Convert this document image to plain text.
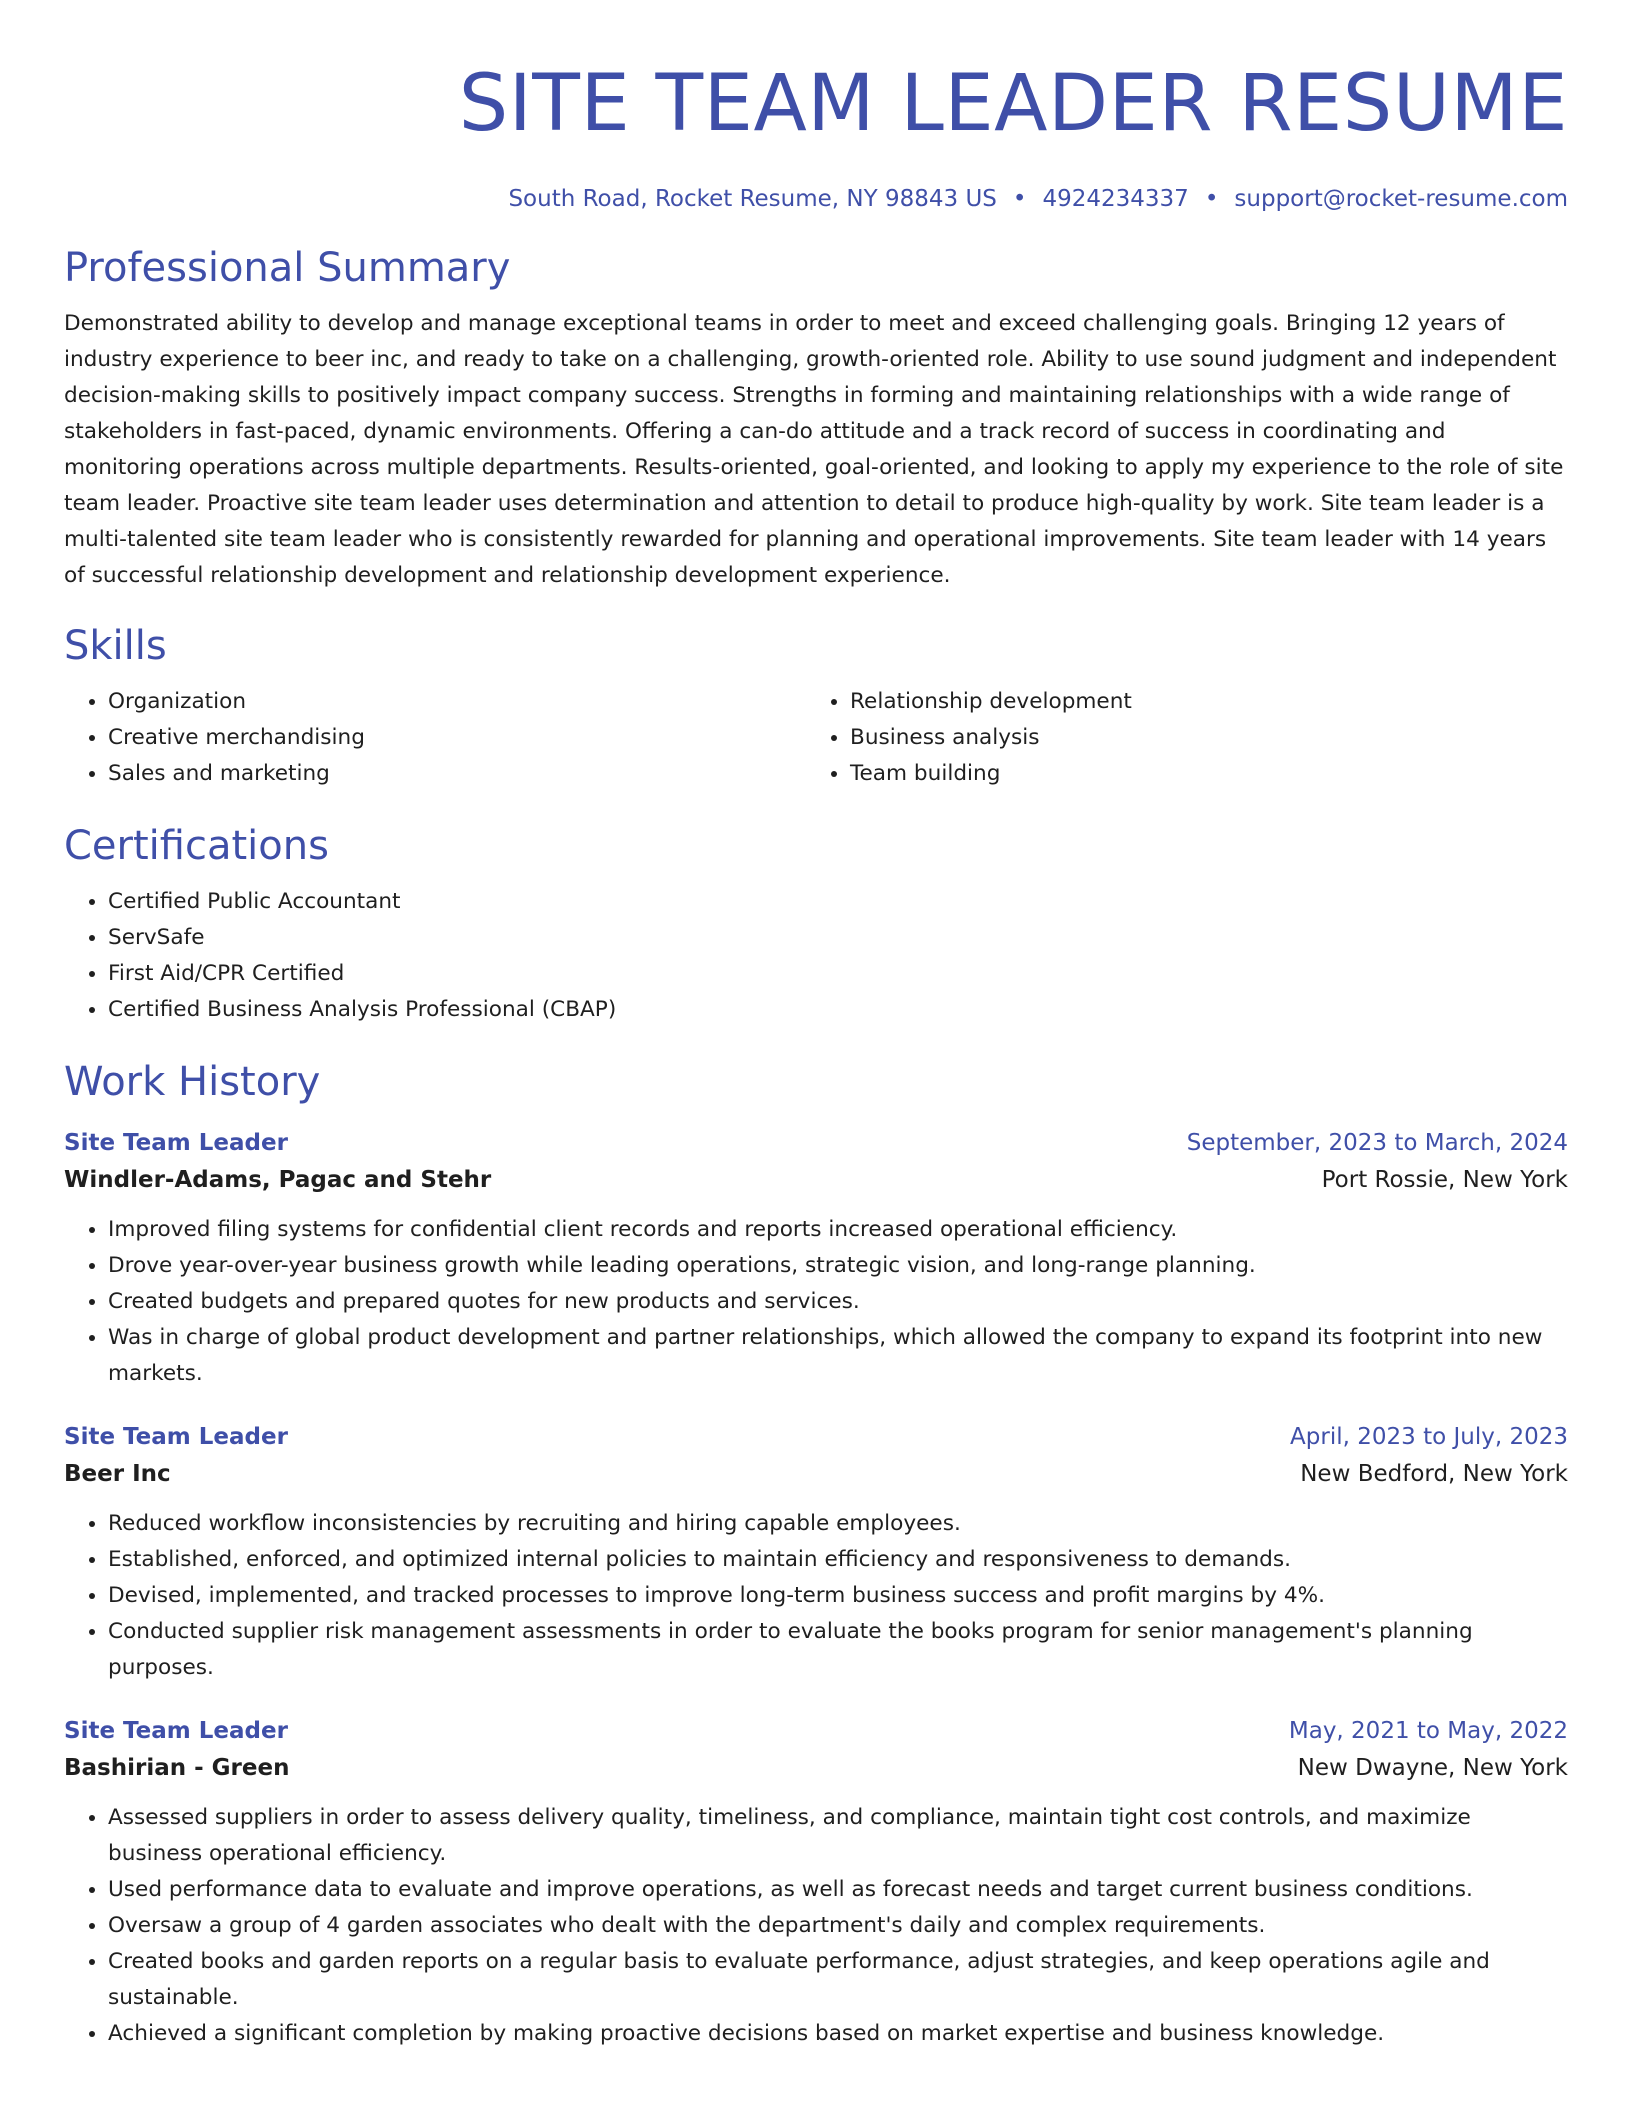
SITE TEAM LEADER RESUME
South Road, Rocket Resume, NY 98843 US • 4924234337 • support@rocket-resume.com
Professional Summary
Demonstrated ability to develop and manage exceptional teams in order to meet and exceed challenging goals. Bringing 12 years of industry experience to beer inc, and ready to take on a challenging, growth-oriented role. Ability to use sound judgment and independent decision-making skills to positively impact company success. Strengths in forming and maintaining relationships with a wide range of stakeholders in fast-paced, dynamic environments. Offering a can-do attitude and a track record of success in coordinating and monitoring operations across multiple departments. Results-oriented, goal-oriented, and looking to apply my experience to the role of site team leader. Proactive site team leader uses determination and attention to detail to produce high-quality by work. Site team leader is a multi-talented site team leader who is consistently rewarded for planning and operational improvements. Site team leader with 14 years of successful relationship development and relationship development experience.
Skills
• Organization
• Creative merchandising
• Sales and marketing
• Relationship development
• Business analysis
• Team building
Certifications
• Certified Public Accountant
• ServSafe
• First Aid/CPR Certified
• Certified Business Analysis Professional (CBAP)
Work History
Site Team Leader	September, 2023 to March, 2024
Windler-Adams, Pagac and Stehr	Port Rossie, New York
• Improved filing systems for confidential client records and reports increased operational efficiency.
• Drove year-over-year business growth while leading operations, strategic vision, and long-range planning.
• Created budgets and prepared quotes for new products and services.
• Was in charge of global product development and partner relationships, which allowed the company to expand its footprint into new markets.
Site Team Leader	April, 2023 to July, 2023
Beer Inc	New Bedford, New York
• Reduced workflow inconsistencies by recruiting and hiring capable employees.
• Established, enforced, and optimized internal policies to maintain efficiency and responsiveness to demands.
• Devised, implemented, and tracked processes to improve long-term business success and profit margins by 4%.
• Conducted supplier risk management assessments in order to evaluate the books program for senior management's planning purposes.
Site Team Leader	May, 2021 to May, 2022
Bashirian - Green	New Dwayne, New York
• Assessed suppliers in order to assess delivery quality, timeliness, and compliance, maintain tight cost controls, and maximize business operational efficiency.
• Used performance data to evaluate and improve operations, as well as forecast needs and target current business conditions.
• Oversaw a group of 4 garden associates who dealt with the department's daily and complex requirements.
• Created books and garden reports on a regular basis to evaluate performance, adjust strategies, and keep operations agile and sustainable.
• Achieved a significant completion by making proactive decisions based on market expertise and business knowledge.
